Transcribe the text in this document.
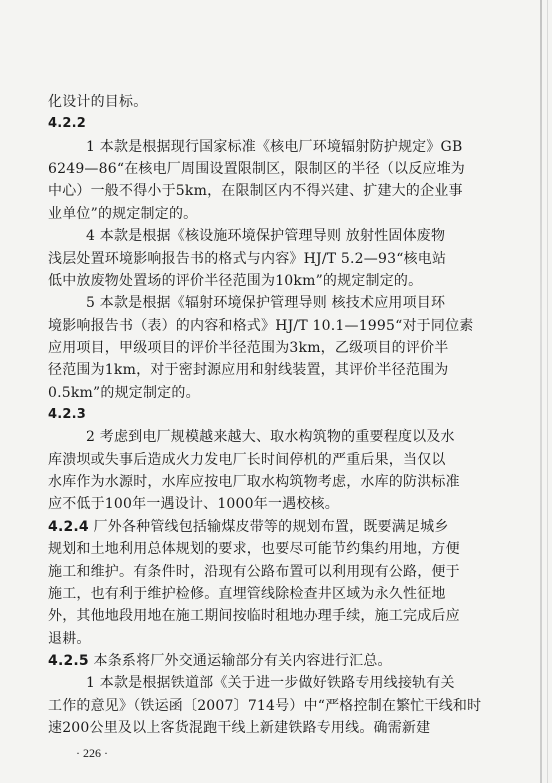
· 226 ·
化设计的目标。
4.2.2
1 本款是根据现行国家标准《核电厂环境辐射防护规定》GB
6249—86“在核电厂周围设置限制区，限制区的半径（以反应堆为
中心）一般不得小于5km，在限制区内不得兴建、扩建大的企业事
业单位”的规定制定的。
4 本款是根据《核设施环境保护管理导则 放射性固体废物
浅层处置环境影响报告书的格式与内容》HJ/T 5.2—93“核电站
低中放废物处置场的评价半径范围为10km”的规定制定的。
5 本款是根据《辐射环境保护管理导则 核技术应用项目环
境影响报告书（表）的内容和格式》HJ/T 10.1—1995“对于同位素
应用项目，甲级项目的评价半径范围为3km，乙级项目的评价半
径范围为1km，对于密封源应用和射线装置，其评价半径范围为
0.5km”的规定制定的。
4.2.3
2 考虑到电厂规模越来越大、取水构筑物的重要程度以及水
库溃坝或失事后造成火力发电厂长时间停机的严重后果，当仅以
水库作为水源时，水库应按电厂取水构筑物考虑，水库的防洪标准
应不低于100年一遇设计、1000年一遇校核。
4.2.4 厂外各种管线包括输煤皮带等的规划布置，既要满足城乡
规划和土地利用总体规划的要求，也要尽可能节约集约用地，方便
施工和维护。有条件时，沿现有公路布置可以利用现有公路，便于
施工，也有利于维护检修。直埋管线除检查井区域为永久性征地
外，其他地段用地在施工期间按临时租地办理手续，施工完成后应
退耕。
4.2.5 本条系将厂外交通运输部分有关内容进行汇总。
1 本款是根据铁道部《关于进一步做好铁路专用线接轨有关
工作的意见》（铁运函〔2007〕714号）中“严格控制在繁忙干线和时
速200公里及以上客货混跑干线上新建铁路专用线。确需新建
